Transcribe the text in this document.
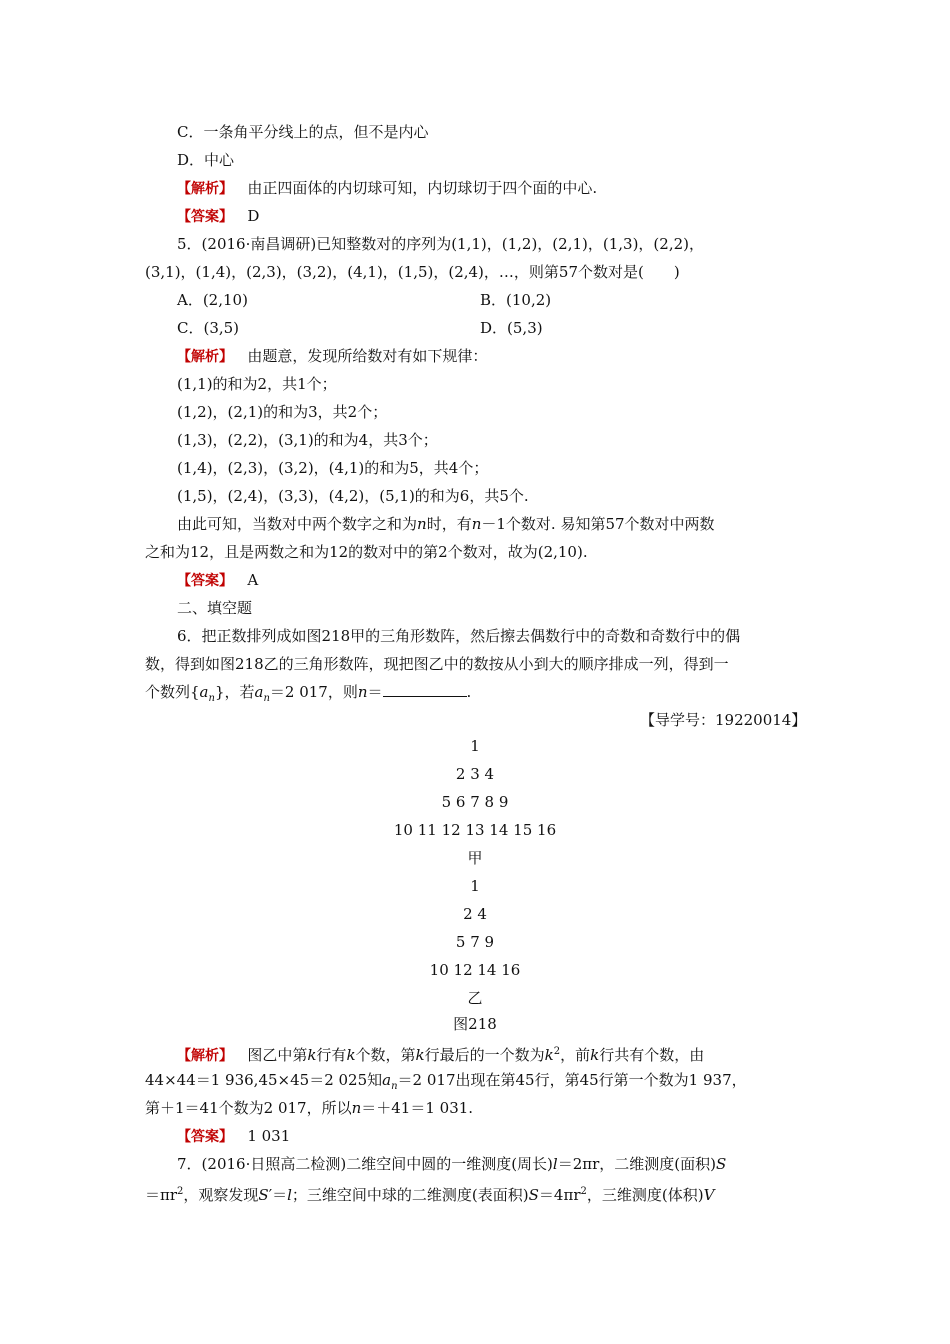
C．一条角平分线上的点，但不是内心
D．中心
【解析】 由正四面体的内切球可知，内切球切于四个面的中心.
【答案】 D
5．(2016·南昌调研)已知整数对的序列为(1,1)，(1,2)，(2,1)，(1,3)，(2,2)，
(3,1)，(1,4)，(2,3)，(3,2)，(4,1)，(1,5)，(2,4)，…，则第57个数对是(　　)
A．(2,10)	B．(10,2)
C．(3,5)	D．(5,3)
【解析】 由题意，发现所给数对有如下规律：
(1,1)的和为2，共1个；
(1,2)，(2,1)的和为3，共2个；
(1,3)，(2,2)，(3,1)的和为4，共3个；
(1,4)，(2,3)，(3,2)，(4,1)的和为5，共4个；
(1,5)，(2,4)，(3,3)，(4,2)，(5,1)的和为6，共5个.
由此可知，当数对中两个数字之和为n时，有n－1个数对. 易知第57个数对中两数
之和为12，且是两数之和为12的数对中的第2个数对，故为(2,10).
【答案】 A
二、填空题
6．把正数排列成如图218甲的三角形数阵，然后擦去偶数行中的奇数和奇数行中的偶
数，得到如图218乙的三角形数阵，现把图乙中的数按从小到大的顺序排成一列，得到一
个数列$\{a_n\}$，若$a_n=2$ 017，则n＝	.
【导学号：19220014】
1
2 3 4
5 6 7 8 9
10 11 12 13 14 15 16
甲
1
2 4
5 7 9
10 12 14 16
乙
图218
【解析】 图乙中第k行有k个数，第k行最后的一个数为$k^2$，前k行共有个数，由
44×44＝1 936,45×45＝2 025知$a_n=2$ 017出现在第45行，第45行第一个数为1 937，
第＋1＝41个数为2 017，所以n＝＋41＝1 031.
【答案】 1 031
7．(2016·日照高二检测)二维空间中圆的一维测度(周长)l＝2πr，二维测度(面积)S
$=\pi r^2$，观察发现S′＝l；三维空间中球的二维测度(表面积)$S=4\pi r^2$，三维测度(体积)V
